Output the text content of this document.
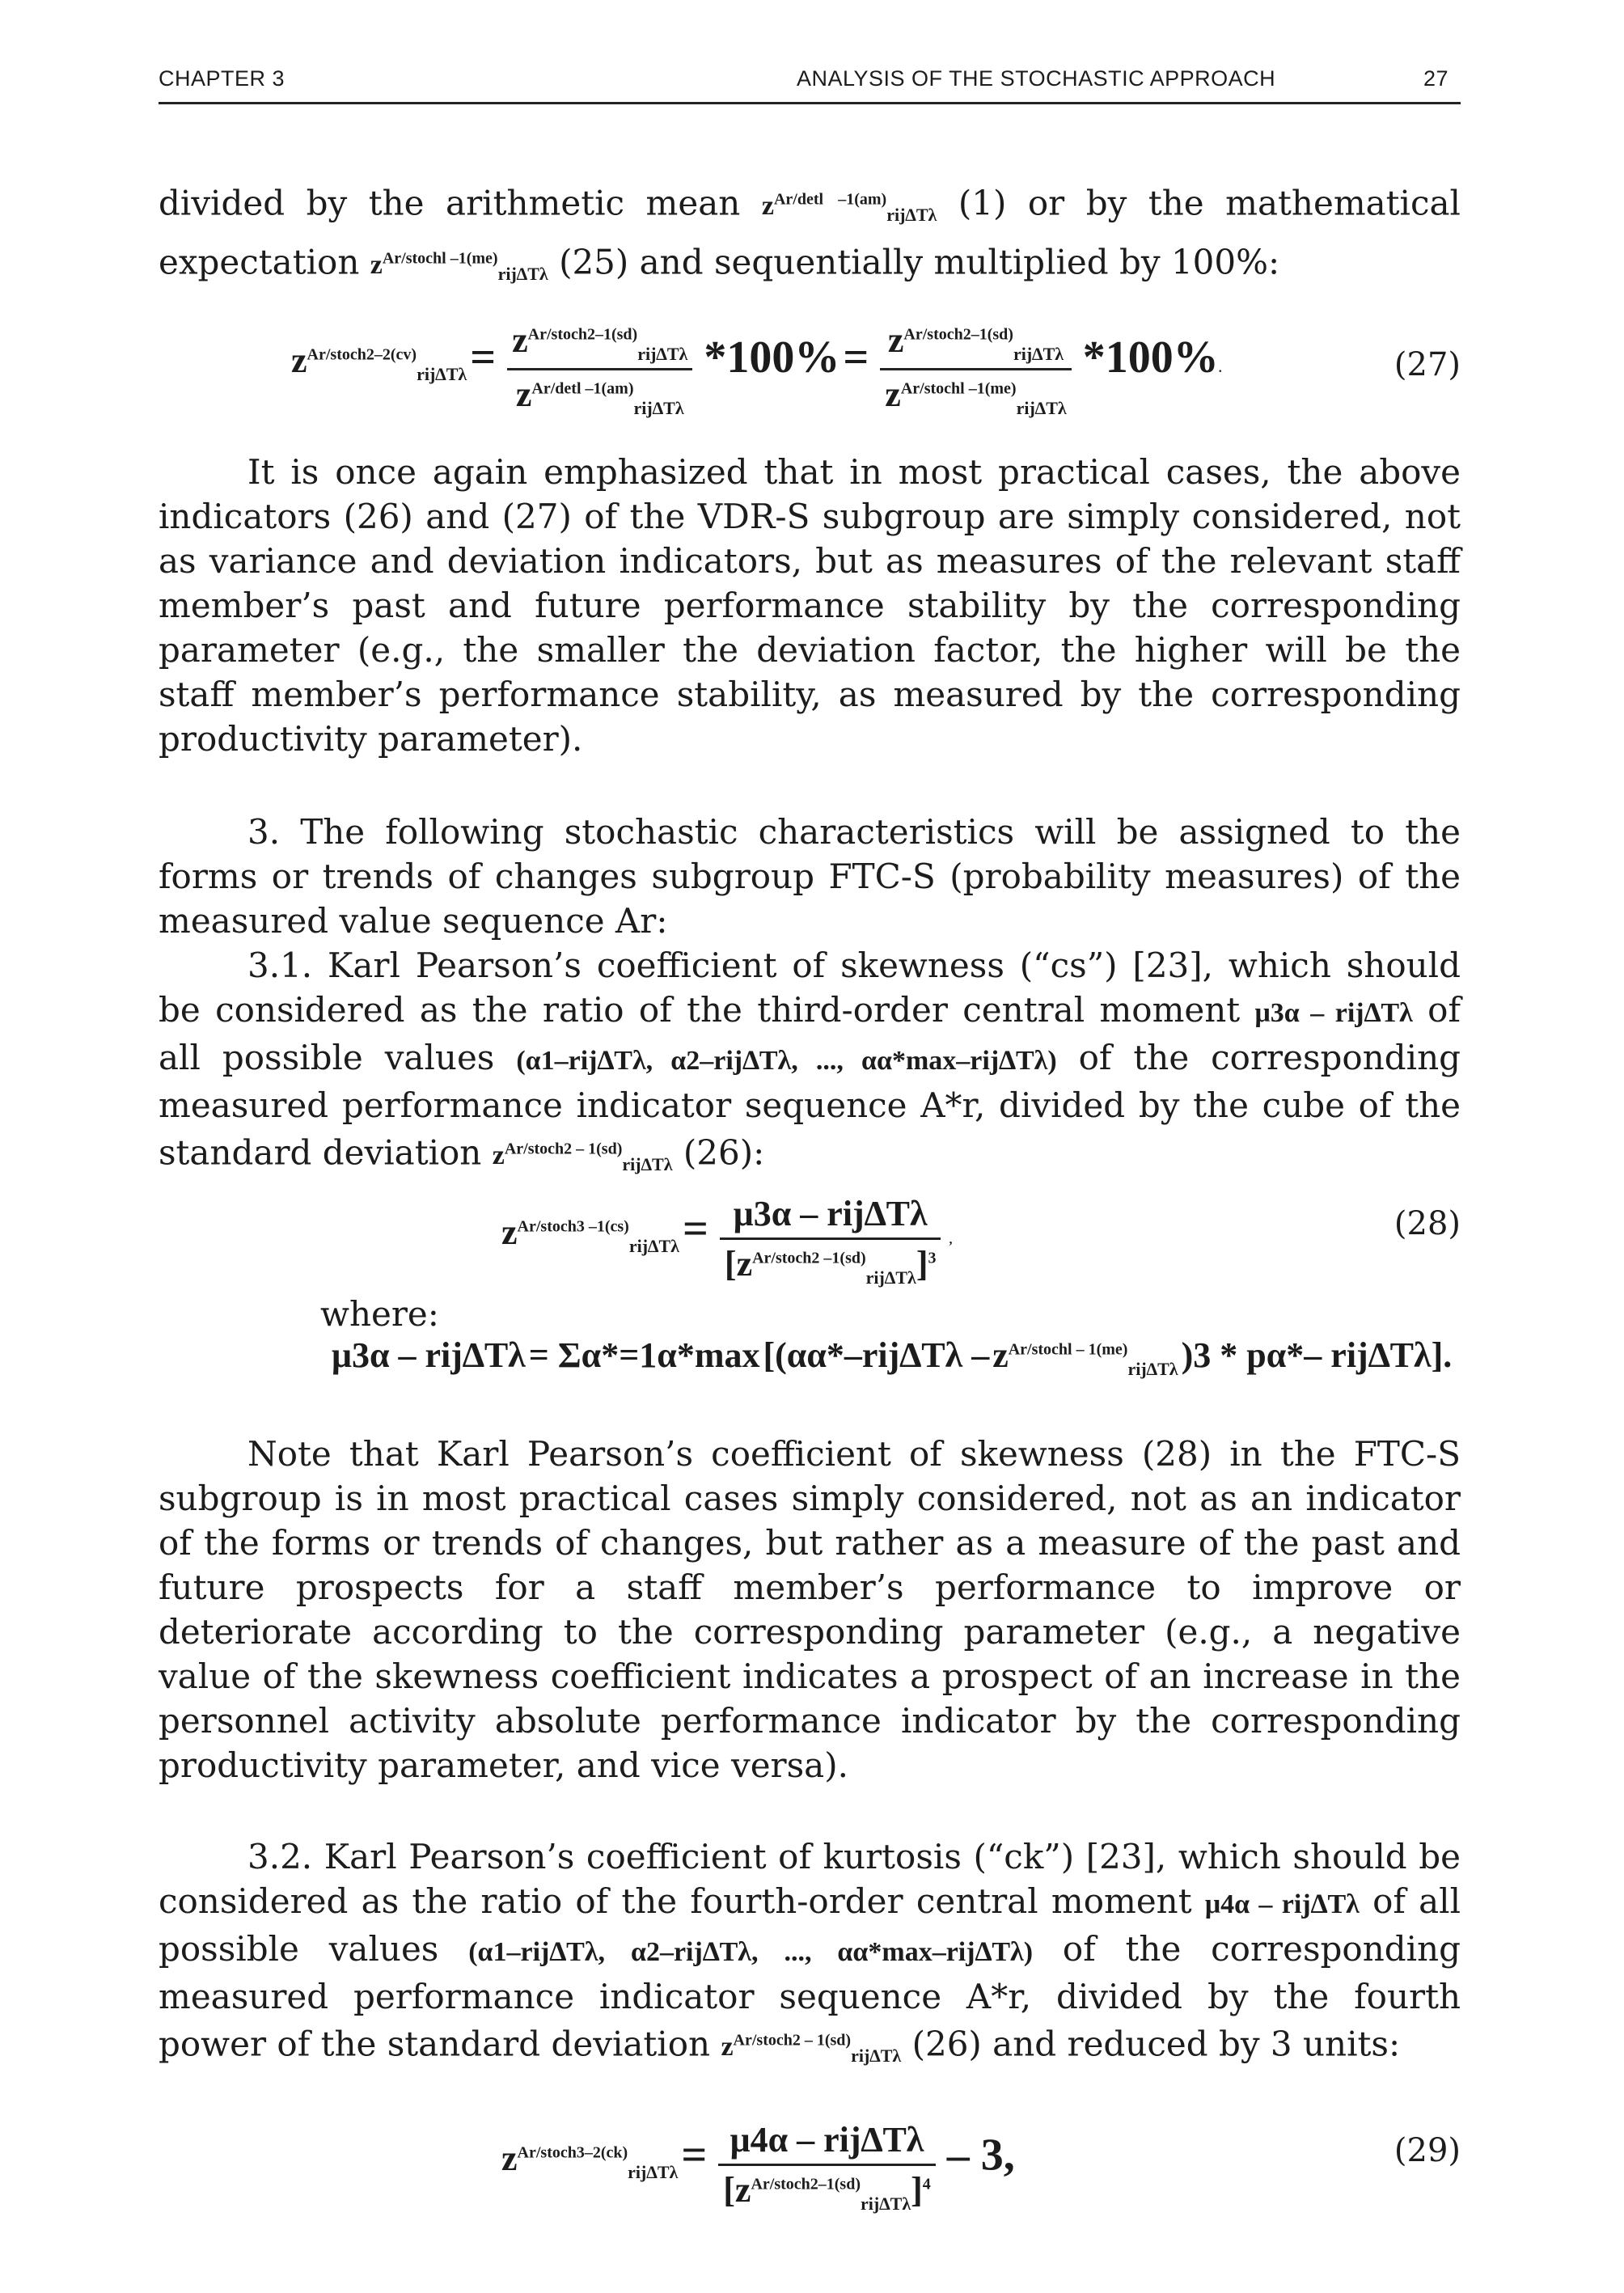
CHAPTER 3	ANALYSIS OF THE STOCHASTIC APPROACH	27

divided by the arithmetic mean $z^{Ar/detl -1(am)}_{rij\Delta T\lambda}$ (1) or by the mathematical expectation $z^{Ar/stochl -1(me)}_{rij\Delta T\lambda}$ (25) and sequentially multiplied by 100%:

$z^{Ar/stoch2-2(cv)}_{rij\Delta T\lambda} = \frac{z^{Ar/stoch2-1(sd)}_{rij\Delta T\lambda}}{z^{Ar/detl -1(am)}_{rij\Delta T\lambda}} *100\% = \frac{z^{Ar/stoch2-1(sd)}_{rij\Delta T\lambda}}{z^{Ar/stochl -1(me)}_{rij\Delta T\lambda}} *100\%$.	(27)

It is once again emphasized that in most practical cases, the above indicators (26) and (27) of the VDR-S subgroup are simply considered, not as variance and deviation indicators, but as measures of the relevant staff member’s past and future performance stability by the corresponding parameter (e.g., the smaller the deviation factor, the higher will be the staff member’s performance stability, as measured by the corresponding productivity parameter).

3. The following stochastic characteristics will be assigned to the forms or trends of changes subgroup FTC-S (probability measures) of the measured value sequence Ar:

3.1. Karl Pearson’s coefficient of skewness (“cs”) [23], which should be considered as the ratio of the third-order central moment μ3α – rij∆Tλ of all possible values (α1–rij∆Tλ, α2–rij∆Tλ, ..., αα*max–rij∆Tλ) of the corresponding measured performance indicator sequence A*r, divided by the cube of the standard deviation $z^{Ar/stoch2 - 1(sd)}_{rij\Delta T\lambda}$ (26):

$z^{Ar/stoch3 -1(cs)}_{rij\Delta T\lambda} = \frac{\text{μ3α – rij∆Tλ}}{[z^{Ar/stoch2 -1(sd)}_{rij\Delta T\lambda}]^3}$ ,	(28)
where:
μ3α – rij∆Tλ = Σα*=1α*max [($\alpha\alpha*-rij\Delta T\lambda - z^{Ar/stochl - 1(me)}_{rij\Delta T\lambda}$ )3 * pα*– rij∆Tλ].

Note that Karl Pearson’s coefficient of skewness (28) in the FTC-S subgroup is in most practical cases simply considered, not as an indicator of the forms or trends of changes, but rather as a measure of the past and future prospects for a staff member’s performance to improve or deteriorate according to the corresponding parameter (e.g., a negative value of the skewness coefficient indicates a prospect of an increase in the personnel activity absolute performance indicator by the corresponding productivity parameter, and vice versa).

3.2. Karl Pearson’s coefficient of kurtosis (“ck”) [23], which should be considered as the ratio of the fourth-order central moment μ4α – rij∆Tλ of all possible values (α1–rij∆Tλ, α2–rij∆Tλ, ..., αα*max–rij∆Tλ) of the corresponding measured performance indicator sequence A*r, divided by the fourth power of the standard deviation $z^{Ar/stoch2 - 1(sd)}_{rij\Delta T\lambda}$ (26) and reduced by 3 units:

$z^{Ar/stoch3-2(ck)}_{rij\Delta T\lambda} = \frac{\text{μ4α – rij∆Tλ}}{[z^{Ar/stoch2-1(sd)}_{rij\Delta T\lambda}]^4} - 3$,	(29)
